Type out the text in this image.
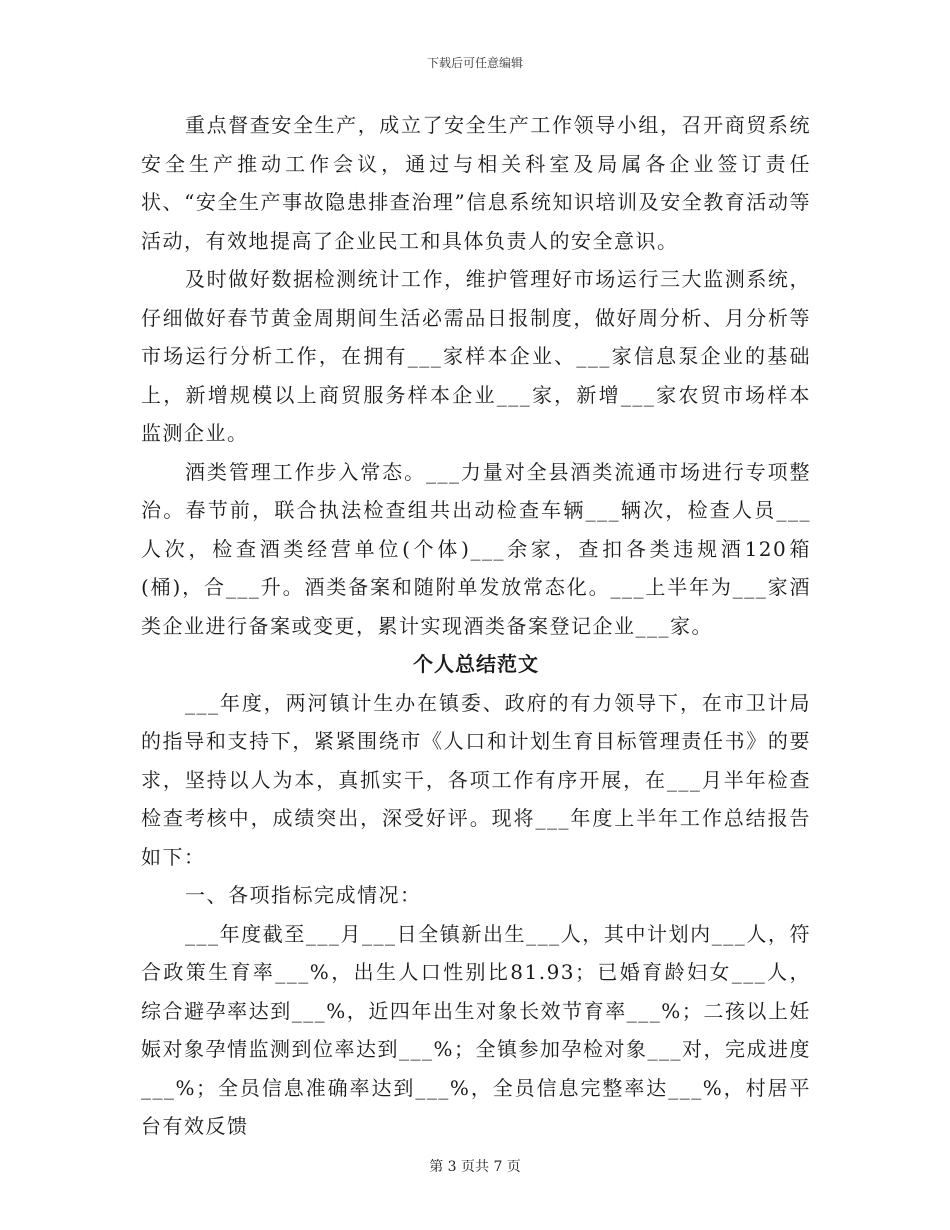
下载后可任意编辑

重点督查安全生产，成立了安全生产工作领导小组，召开商贸系统安全生产推动工作会议，通过与相关科室及局属各企业签订责任状、“安全生产事故隐患排查治理”信息系统知识培训及安全教育活动等活动，有效地提高了企业民工和具体负责人的安全意识。

及时做好数据检测统计工作，维护管理好市场运行三大监测系统，仔细做好春节黄金周期间生活必需品日报制度，做好周分析、月分析等市场运行分析工作，在拥有___家样本企业、___家信息泵企业的基础上，新增规模以上商贸服务样本企业___家，新增___家农贸市场样本监测企业。

酒类管理工作步入常态。___力量对全县酒类流通市场进行专项整治。春节前，联合执法检查组共出动检查车辆___辆次，检查人员___人次，检查酒类经营单位(个体)___余家，查扣各类违规酒120箱(桶)，合___升。酒类备案和随附单发放常态化。___上半年为___家酒类企业进行备案或变更，累计实现酒类备案登记企业___家。

个人总结范文

___年度，两河镇计生办在镇委、政府的有力领导下，在市卫计局的指导和支持下，紧紧围绕市《人口和计划生育目标管理责任书》的要求，坚持以人为本，真抓实干，各项工作有序开展，在___月半年检查检查考核中，成绩突出，深受好评。现将___年度上半年工作总结报告如下：

一、各项指标完成情况：

___年度截至___月___日全镇新出生___人，其中计划内___人，符合政策生育率___%，出生人口性别比81.93；已婚育龄妇女___人，综合避孕率达到___%，近四年出生对象长效节育率___%；二孩以上妊娠对象孕情监测到位率达到___%；全镇参加孕检对象___对，完成进度___%；全员信息准确率达到___%，全员信息完整率达___%，村居平台有效反馈

第 3 页共 7 页
